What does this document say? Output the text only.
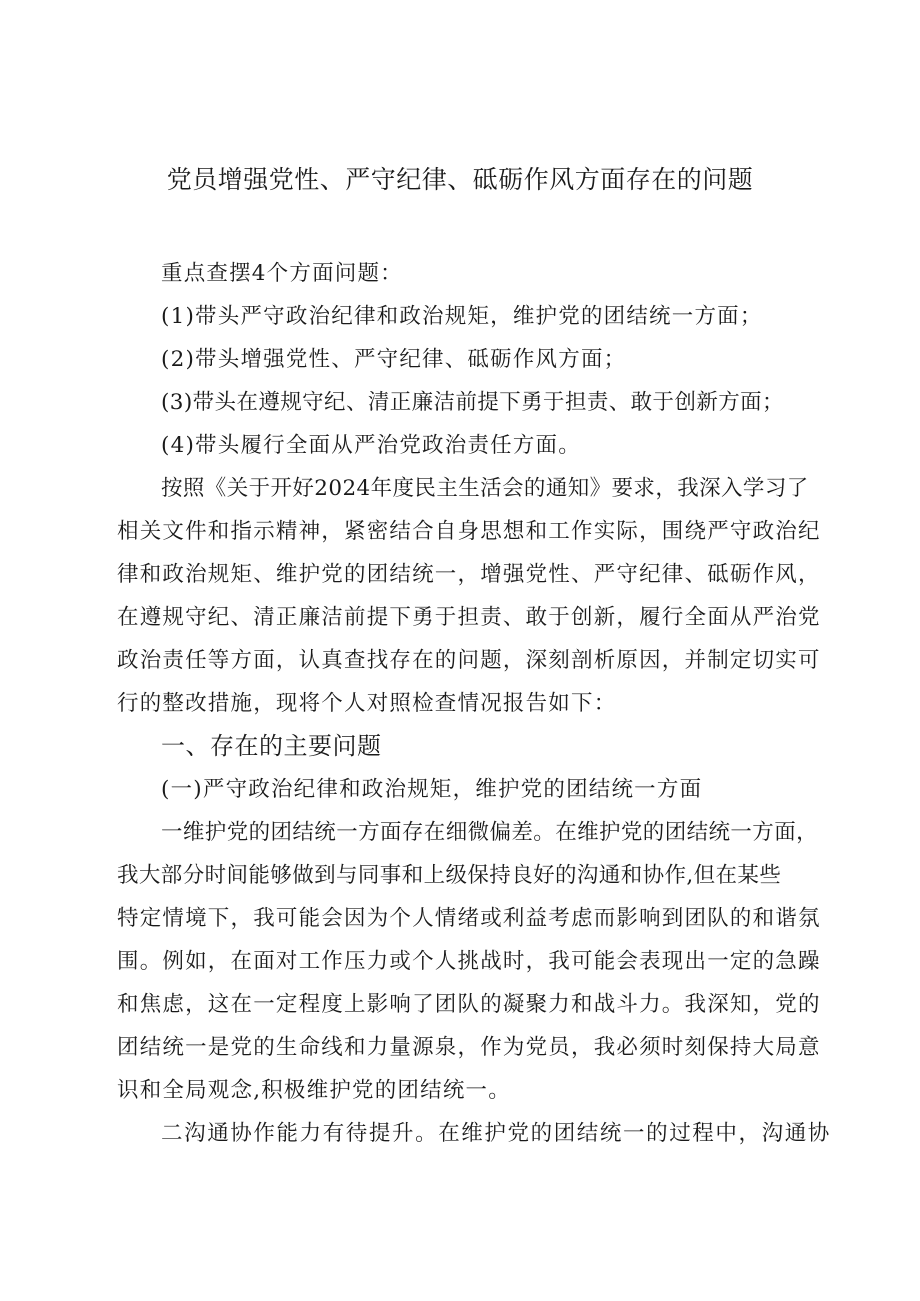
党员增强党性、严守纪律、砥砺作风方面存在的问题
重点查摆4个方面问题：
(1)带头严守政治纪律和政治规矩，维护党的团结统一方面；
(2)带头增强党性、严守纪律、砥砺作风方面；
(3)带头在遵规守纪、清正廉洁前提下勇于担责、敢于创新方面；
(4)带头履行全面从严治党政治责任方面。
按照《关于开好2024年度民主生活会的通知》要求，我深入学习了
相关文件和指示精神，紧密结合自身思想和工作实际，围绕严守政治纪
律和政治规矩、维护党的团结统一，增强党性、严守纪律、砥砺作风，
在遵规守纪、清正廉洁前提下勇于担责、敢于创新，履行全面从严治党
政治责任等方面，认真查找存在的问题，深刻剖析原因，并制定切实可
行的整改措施，现将个人对照检查情况报告如下：
一、存在的主要问题
(一)严守政治纪律和政治规矩，维护党的团结统一方面
一维护党的团结统一方面存在细微偏差。在维护党的团结统一方面，
我大部分时间能够做到与同事和上级保持良好的沟通和协作,但在某些
特定情境下，我可能会因为个人情绪或利益考虑而影响到团队的和谐氛
围。例如，在面对工作压力或个人挑战时，我可能会表现出一定的急躁
和焦虑，这在一定程度上影响了团队的凝聚力和战斗力。我深知，党的
团结统一是党的生命线和力量源泉，作为党员，我必须时刻保持大局意
识和全局观念,积极维护党的团结统一。
二沟通协作能力有待提升。在维护党的团结统一的过程中，沟通协
